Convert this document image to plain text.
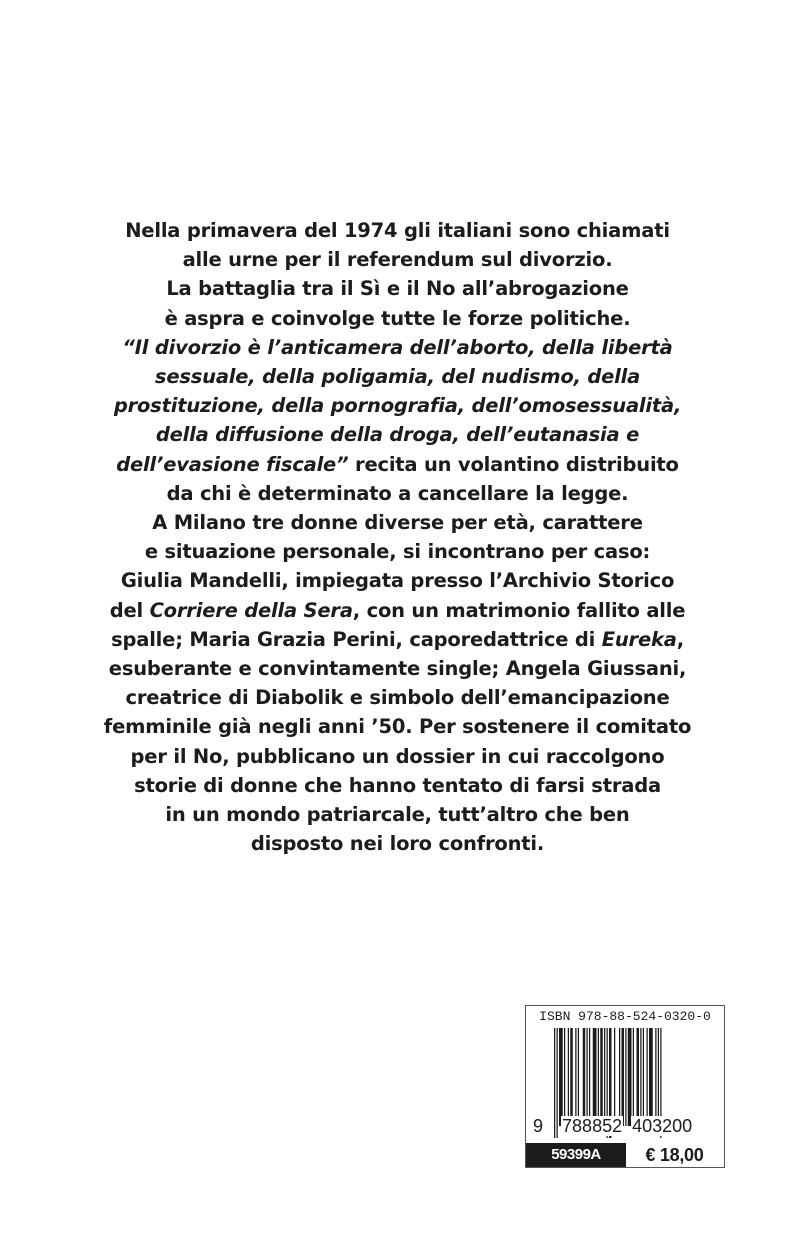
Nella primavera del 1974 gli italiani sono chiamati
alle urne per il referendum sul divorzio.
La battaglia tra il Sì e il No all’abrogazione
è aspra e coinvolge tutte le forze politiche.
“Il divorzio è l’anticamera dell’aborto, della libertà
sessuale, della poligamia, del nudismo, della
prostituzione, della pornografia, dell’omosessualità,
della diffusione della droga, dell’eutanasia e
dell’evasione fiscale” recita un volantino distribuito
da chi è determinato a cancellare la legge.
A Milano tre donne diverse per età, carattere
e situazione personale, si incontrano per caso:
Giulia Mandelli, impiegata presso l’Archivio Storico
del Corriere della Sera, con un matrimonio fallito alle
spalle; Maria Grazia Perini, caporedattrice di Eureka,
esuberante e convintamente single; Angela Giussani,
creatrice di Diabolik e simbolo dell’emancipazione
femminile già negli anni ’50. Per sostenere il comitato
per il No, pubblicano un dossier in cui raccolgono
storie di donne che hanno tentato di farsi strada
in un mondo patriarcale, tutt’altro che ben
disposto nei loro confronti.
ISBN 978-88-524-0320-0
9 788852 403200
59399A	€ 18,00
